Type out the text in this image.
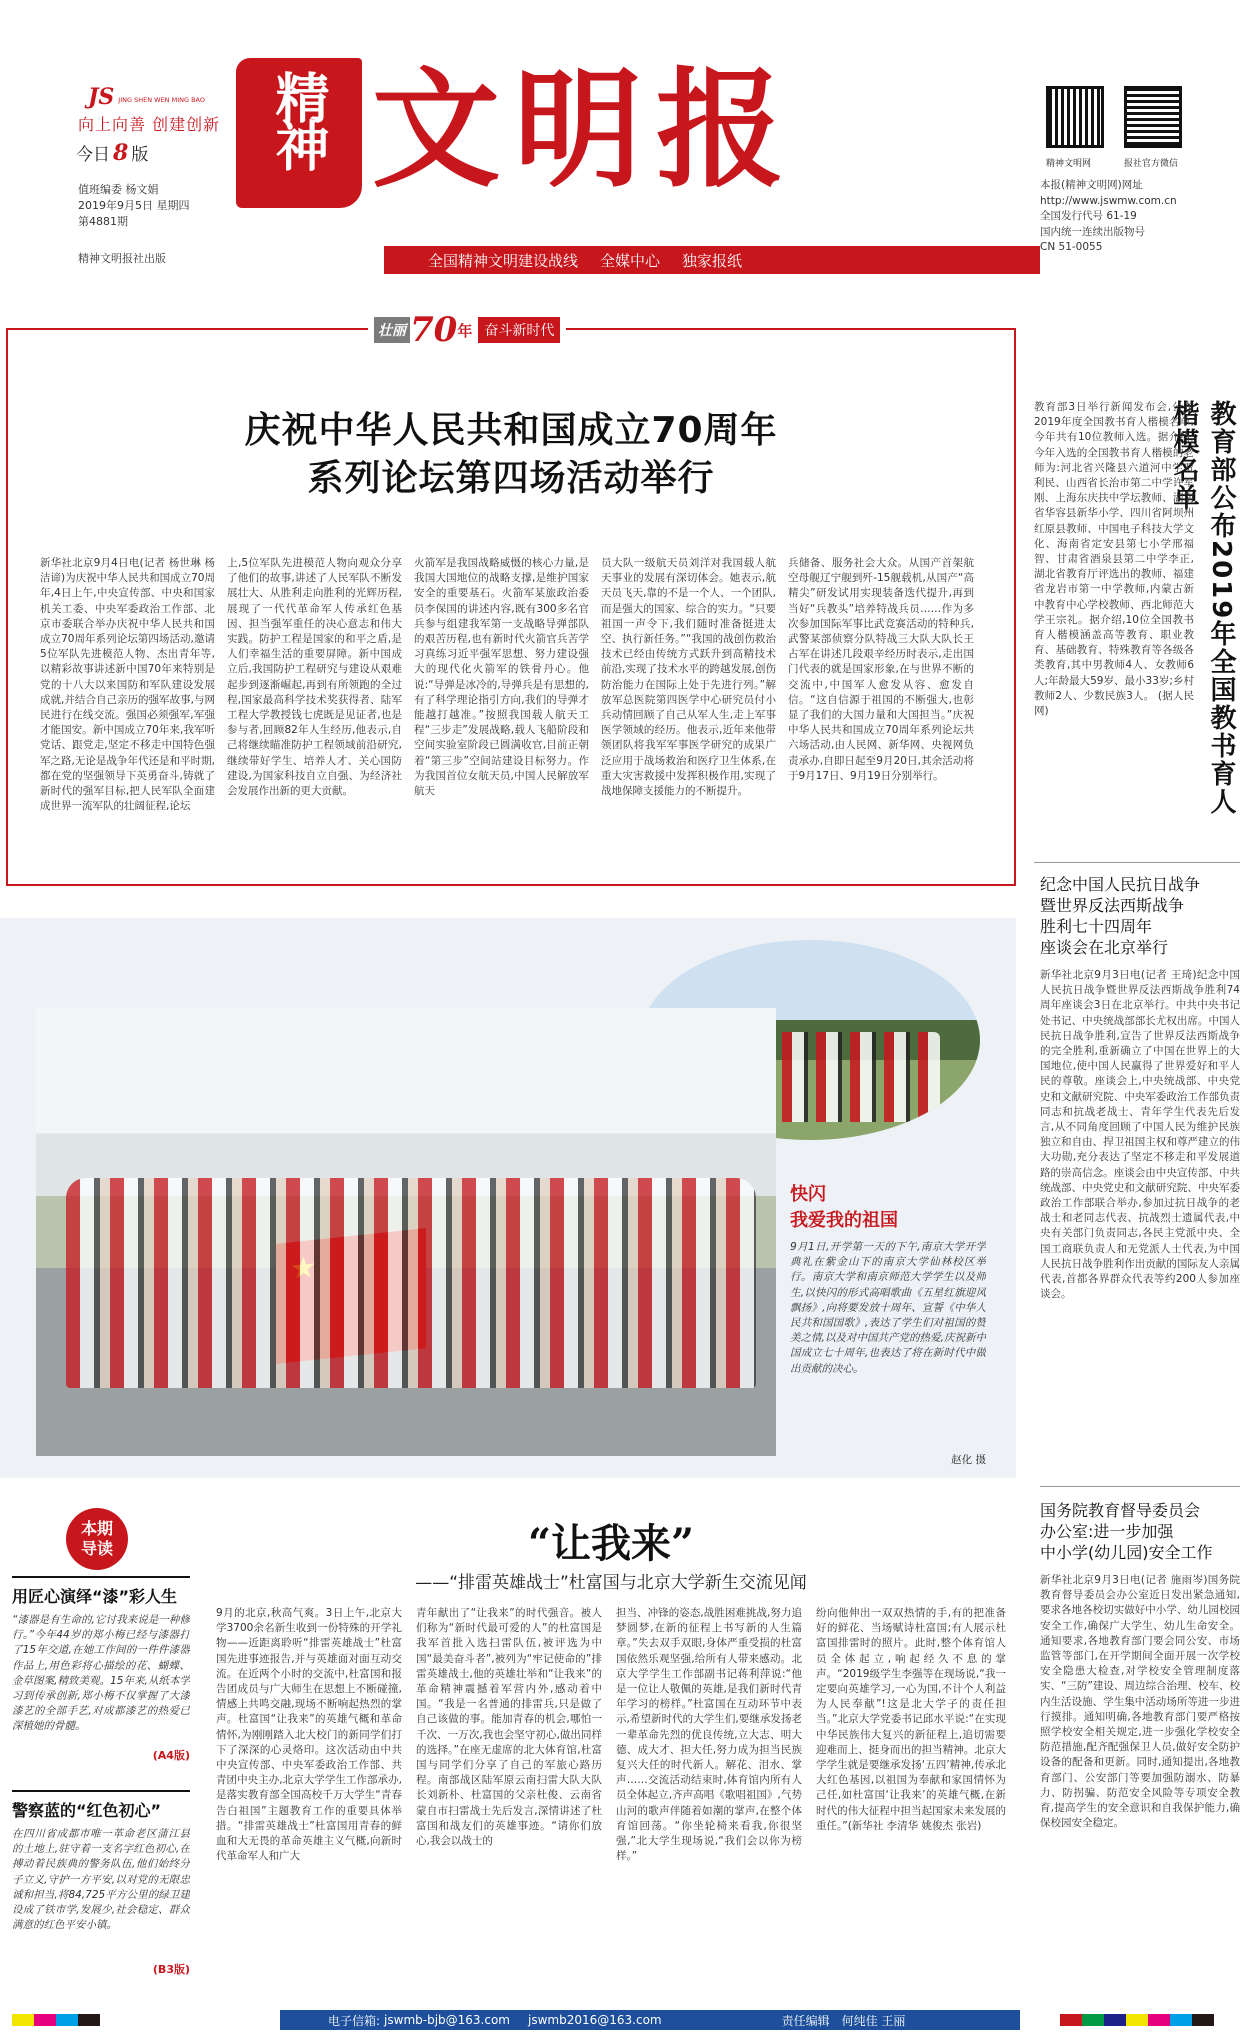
JS JING SHEN WEN MING BAO
向上向善 创建创新
今日 8 版
值班编委 杨文娟
2019年9月5日 星期四
第4881期
精神文明报社出版
精神 文明报
全国精神文明建设战线 全媒中心 独家报纸
精神文明网	报社官方微信
本报(精神文明网)网址
http://www.jswmw.com.cn
全国发行代号 61-19
国内统一连续出版物号
CN 51-0055
壮丽 70 年 奋斗新时代
庆祝中华人民共和国成立70周年
系列论坛第四场活动举行
新华社北京9月4日电(记者 杨世琳 杨洁谛)为庆祝中华人民共和国成立70周年,4日上午,中央宣传部、中央和国家机关工委、中央军委政治工作部、北京市委联合举办庆祝中华人民共和国成立70周年系列论坛第四场活动,邀请5位军队先进模范人物、杰出青年等,以精彩故事讲述新中国70年来特别是党的十八大以来国防和军队建设发展成就,并结合自己亲历的强军故事,与网民进行在线交流。强国必须强军,军强才能国安。新中国成立70年来,我军听党话、跟党走,坚定不移走中国特色强军之路,无论是战争年代还是和平时期,都在党的坚强领导下英勇奋斗,铸就了新时代的强军目标,把人民军队全面建成世界一流军队的壮阔征程,论坛
上,5位军队先进模范人物向观众分享了他们的故事,讲述了人民军队不断发展壮大、从胜利走向胜利的光辉历程,展现了一代代革命军人传承红色基因、担当强军重任的决心意志和伟大实践。防护工程是国家的和平之盾,是人们幸福生活的重要屏障。新中国成立后,我国防护工程研究与建设从艰难起步到逐渐崛起,再到有所领跑的全过程,国家最高科学技术奖获得者、陆军工程大学教授钱七虎既是见证者,也是参与者,回顾82年人生经历,他表示,自己将继续瞄准防护工程领域前沿研究,继续带好学生、培养人才、关心国防建设,为国家科技自立自强、为经济社会发展作出新的更大贡献。
火箭军是我国战略威慑的核心力量,是我国大国地位的战略支撑,是维护国家安全的重要基石。火箭军某旅政治委员李保国的讲述内容,既有300多名官兵参与组建我军第一支战略导弹部队的艰苦历程,也有新时代火箭官兵苦学习真练习近平强军思想、努力建设强大的现代化火箭军的铁骨丹心。他说:“导弹是冰冷的,导弹兵是有思想的,有了科学理论指引方向,我们的导弹才能越打越准。”按照我国载人航天工程“三步走”发展战略,载人飞船阶段和空间实验室阶段已圆满收官,目前正朝着“第三步”空间站建设目标努力。作为我国首位女航天员,中国人民解放军航天
员大队一级航天员刘洋对我国载人航天事业的发展有深切体会。她表示,航天员飞天,靠的不是一个人、一个团队,而是强大的国家、综合的实力。“只要祖国一声令下,我们随时准备挺进太空、执行新任务。”“我国的战创伤救治技术已经由传统方式跃升到高精技术前沿,实现了技术水平的跨越发展,创伤防治能力在国际上处于先进行列。”解放军总医院第四医学中心研究员付小兵动情回顾了自己从军人生,走上军事医学领域的经历。他表示,近年来他带领团队将我军军事医学研究的成果广泛应用于战场救治和医疗卫生体系,在重大灾害救援中发挥积极作用,实现了战地保障支援能力的不断提升。
兵储备、服务社会大众。从国产首架航空母舰辽宁舰到歼-15舰载机,从国产“高精尖”研发试用实现装备迭代提升,再到当好“兵教头”培养特战兵员……作为多次参加国际军事比武竞赛活动的特种兵,武警某部侦察分队特战三大队大队长王占军在讲述几段艰辛经历时表示,走出国门代表的就是国家形象,在与世界不断的交流中,中国军人愈发从容、愈发自信。“这自信源于祖国的不断强大,也彰显了我们的大国力量和大国担当。”庆祝中华人民共和国成立70周年系列论坛共六场活动,由人民网、新华网、央视网负责承办,自即日起至9月20日,其余活动将于9月17日、9月19日分别举行。	教育部公布2019年全国教书育人楷模名单
教育部3日举行新闻发布会,公布2019年度全国教书育人楷模名单,今年共有10位教师入选。据介绍,今年入选的全国教书育人楷模的老师为:河北省兴隆县六道河中学贾利民、山西省长治市第二中学许军刚、上海东庆扶中学坛教师、湖南省华容县新华小学、四川省阿坝州红原县教师、中国电子科技大学文化、海南省定安县第七小学邢福智、甘肃省酒泉县第二中学李正,湖北省教育厅评选出的教师、福建省龙岩市第一中学教师,内蒙古新中教育中心学校教师、西北师范大学王宗礼。据介绍,10位全国教书育人楷模涵盖高等教育、职业教育、基础教育、特殊教育等各级各类教育,其中男教师4人、女教师6人;年龄最大59岁、最小33岁;乡村教师2人、少数民族3人。 (据人民网)
快闪
我爱我的祖国
9月1日,开学第一天的下午,南京大学开学典礼在紫金山下的南京大学仙林校区举行。南京大学和南京师范大学学生以及师生,以快闪的形式高唱歌曲《五星红旗迎风飘扬》,向将要发放十周年、宣誓《中华人民共和国国歌》,表达了学生们对祖国的赞美之情,以及对中国共产党的热爱,庆祝新中国成立七十周年,也表达了将在新时代中做出贡献的决心。
赵化 摄
纪念中国人民抗日战争
暨世界反法西斯战争
胜利七十四周年
座谈会在北京举行
新华社北京9月3日电(记者 王琦)纪念中国人民抗日战争暨世界反法西斯战争胜利74周年座谈会3日在北京举行。中共中央书记处书记、中央统战部部长尤权出席。中国人民抗日战争胜利,宣告了世界反法西斯战争的完全胜利,重新确立了中国在世界上的大国地位,使中国人民赢得了世界爱好和平人民的尊敬。座谈会上,中央统战部、中央党史和文献研究院、中央军委政治工作部负责同志和抗战老战士、青年学生代表先后发言,从不同角度回顾了中国人民为维护民族独立和自由、捍卫祖国主权和尊严建立的伟大功勋,充分表达了坚定不移走和平发展道路的崇高信念。座谈会由中央宣传部、中共统战部、中央党史和文献研究院、中央军委政治工作部联合举办,参加过抗日战争的老战士和老同志代表、抗战烈士遗属代表,中央有关部门负责同志,各民主党派中央、全国工商联负责人和无党派人士代表,为中国人民抗日战争胜利作出贡献的国际友人亲属代表,首都各界群众代表等约200人参加座谈会。
本期
导读
用匠心演绎“漆”彩人生
“漆器是有生命的,它讨我来说是一种修行。”今年44岁的郑小梅已经与漆器打了15年交道,在她工作间的一件件漆器作品上,用色彩将心描绘的花、蝴蝶、金草图案,精致美观。15年来,从纸本学习到传承创新,郑小梅不仅掌握了大漆漆艺的全部手艺,对成都漆艺的热爱已深植她的骨髓。
(A4版)
警察蓝的“红色初心”
在四川省成都市唯一革命老区蒲江县的土地上,驻守着一支名字红色初心,在搏动着民族典的警务队伍,他们始终分子立义,守护一方平安,以对党的无限忠诚和担当,将84,725平方公里的绿卫建设成了铁市学,发展少,社会稳定、群众满意的红色平安小镇。
(B3版)
“让我来”
——“排雷英雄战士”杜富国与北京大学新生交流见闻
9月的北京,秋高气爽。3日上午,北京大学3700余名新生收到一份特殊的开学礼物——近距离聆听“排雷英雄战士”杜富国先进事迹报告,并与英雄面对面互动交流。在近两个小时的交流中,杜富国和报告团成员与广大师生在思想上不断碰撞,情感上共鸣交融,现场不断响起热烈的掌声。杜富国“让我来”的英雄气概和革命情怀,为刚刚踏入北大校门的新同学们打下了深深的心灵烙印。这次活动由中共中央宣传部、中央军委政治工作部、共青团中央主办,北京大学学生工作部承办,是落实教育部全国高校千万大学生“青春告白祖国”主题教育工作的重要具体举措。“排雷英雄战士”杜富国用青春的鲜血和大无畏的革命英雄主义气概,向新时代革命军人和广大
青年献出了“让我来”的时代强音。被人们称为“新时代最可爱的人”的杜富国是我军首批入选扫雷队伍,被评选为中国“最美奋斗者”,被列为“牢记使命的”排雷英雄战士,他的英雄壮举和“让我来”的革命精神震撼着军营内外,感动着中国。“我是一名普通的排雷兵,只是做了自己该做的事。能加青春的机会,哪怕一千次、一万次,我也会坚守初心,做出同样的选择。”在座无虚席的北大体育馆,杜富国与同学们分享了自己的军旅心路历程。南部战区陆军原云南扫雷大队大队长刘新朴、杜富国的父亲杜俊、云南省蒙自市扫雷战士先后发言,深情讲述了杜富国和战友们的英雄事迹。“请你们放心,我会以战士的
担当、冲锋的姿态,战胜困难挑战,努力追梦圆梦,在新的征程上书写新的人生篇章。”失去双手双眼,身体严重受损的杜富国依然乐观坚强,给所有人带来感动。北京大学学生工作部副书记蒋利萍说:“他是一位让人敬佩的英雄,是我们新时代青年学习的榜样。”杜富国在互动环节中表示,希望新时代的大学生们,要继承发扬老一辈革命先烈的优良传统,立大志、明大德、成大才、担大任,努力成为担当民族复兴大任的时代新人。解花、泪水、掌声……交流活动结束时,体育馆内所有人员全体起立,齐声高唱《歌唱祖国》,气势山河的歌声伴随着如潮的掌声,在整个体育馆回荡。“你坐轮椅来看我,你很坚强,”北大学生现场说,“我们会以你为榜样。”
纷向他伸出一双双热情的手,有的把准备好的鲜花、当场赋诗杜富国;有人展示杜富国排雷时的照片。此时,整个体育馆人员全体起立,响起经久不息的掌声。“2019级学生李强等在现场说,“我一定要向英雄学习,一心为国,不计个人利益为人民奉献”!这是北大学子的责任担当。”北京大学党委书记邱水平说:“在实现中华民族伟大复兴的新征程上,追切需要迎难而上、挺身而出的担当精神。北京大学学生就是要继承发扬‘五四’精神,传承北大红色基因,以祖国为奉献和家国情怀为己任,如杜富国‘让我来’的英雄气概,在新时代的伟大征程中担当起国家未来发展的重任。”(新华社 李清华 姚俊杰 张岩)
国务院教育督导委员会
办公室:进一步加强
中小学(幼儿园)安全工作
新华社北京9月3日电(记者 施雨岑)国务院教育督导委员会办公室近日发出紧急通知,要求各地各校切实做好中小学、幼儿园校园安全工作,确保广大学生、幼儿生命安全。通知要求,各地教育部门要会同公安、市场监管等部门,在开学期间全面开展一次学校安全隐患大检查,对学校安全管理制度落实、“三防”建设、周边综合治理、校车、校内生活设施、学生集中活动场所等进一步进行摸排。通知明确,各地教育部门要严格按照学校安全相关规定,进一步强化学校安全防范措施,配齐配强保卫人员,做好安全防护设备的配备和更新。同时,通知提出,各地教育部门、公安部门等要加强防溺水、防暴力、防拐骗、防范安全风险等专项安全教育,提高学生的安全意识和自我保护能力,确保校园安全稳定。
电子信箱: jswmb-bjb@163.com jswmb2016@163.com	责任编辑 何纯佳 王丽
